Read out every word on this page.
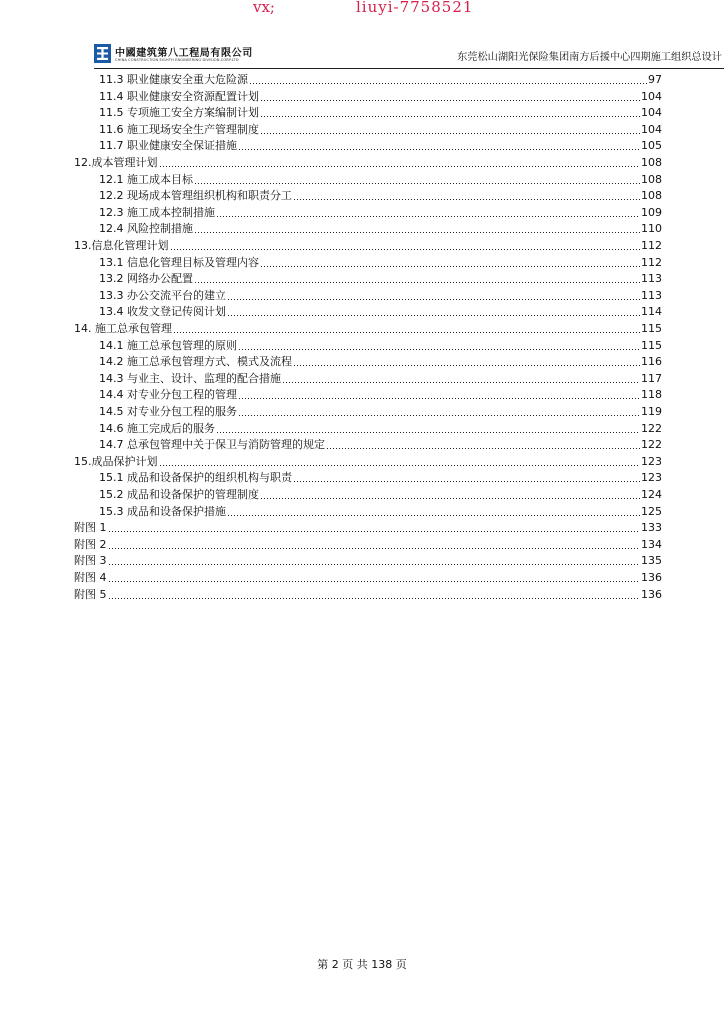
vx;	liuyi-7758521
中國建筑第八工程局有限公司
CHINA CONSTRUCTION EIGHTH ENGINEERING DIVISION.CORP.LTD	东莞松山湖阳光保险集团南方后援中心四期施工组织总设计
11.3 职业健康安全重大危险源	97
11.4 职业健康安全资源配置计划	104
11.5 专项施工安全方案编制计划	104
11.6 施工现场安全生产管理制度	104
11.7 职业健康安全保证措施	105
12.成本管理计划	108
12.1 施工成本目标	108
12.2 现场成本管理组织机构和职责分工	108
12.3 施工成本控制措施	109
12.4 风险控制措施	110
13.信息化管理计划	112
13.1 信息化管理目标及管理内容	112
13.2 网络办公配置	113
13.3 办公交流平台的建立	113
13.4 收发文登记传阅计划	114
14. 施工总承包管理	115
14.1 施工总承包管理的原则	115
14.2 施工总承包管理方式、模式及流程	116
14.3 与业主、设计、监理的配合措施	117
14.4 对专业分包工程的管理	118
14.5 对专业分包工程的服务	119
14.6 施工完成后的服务	122
14.7 总承包管理中关于保卫与消防管理的规定	122
15.成品保护计划	123
15.1 成品和设备保护的组织机构与职责	123
15.2 成品和设备保护的管理制度	124
15.3 成品和设备保护措施	125
附图 1	133
附图 2	134
附图 3	135
附图 4	136
附图 5	136
第 2 页 共 138 页
